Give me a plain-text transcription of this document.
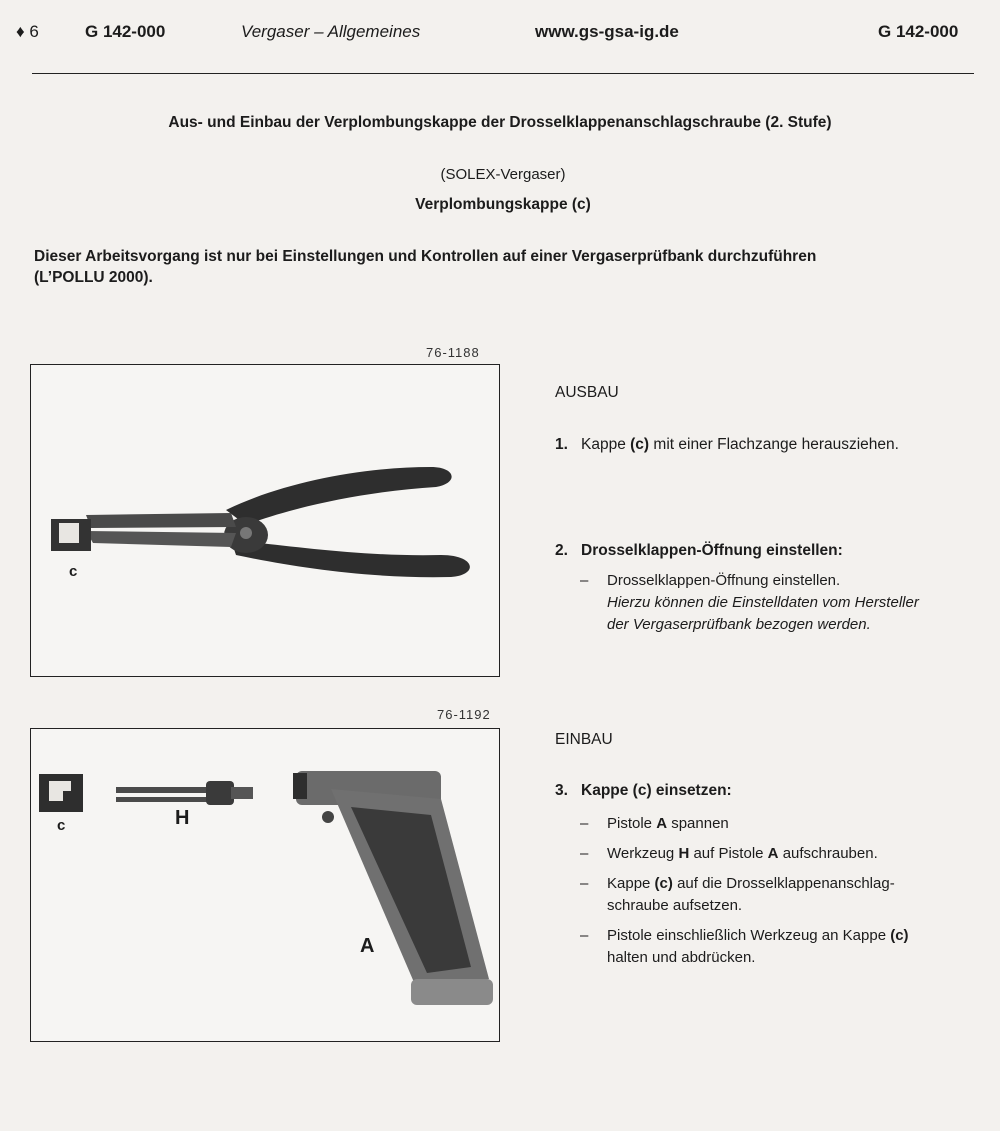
♦ 6	G 142-000	Vergaser – Allgemeines	www.gs-gsa-ig.de	G 142-000
Aus- und Einbau der Verplombungskappe der Drosselklappenanschlagschraube (2. Stufe)
(SOLEX-Vergaser)
Verplombungskappe (c)
Dieser Arbeitsvorgang ist nur bei Einstellungen und Kontrollen auf einer Vergaserprüfbank durchzuführen
(L’POLLU 2000).
76-1188
c
76-1192
c	H
A
AUSBAU
1. Kappe (c) mit einer Flachzange herausziehen.
2. Drosselklappen-Öffnung einstellen:
– Drosselklappen-Öffnung einstellen.
Hierzu können die Einstelldaten vom Hersteller
der Vergaserprüfbank bezogen werden.
EINBAU
3. Kappe (c) einsetzen:
– Pistole A spannen
– Werkzeug H auf Pistole A aufschrauben.
– Kappe (c) auf die Drosselklappenanschlag-
schraube aufsetzen.
– Pistole einschließlich Werkzeug an Kappe (c)
halten und abdrücken.
